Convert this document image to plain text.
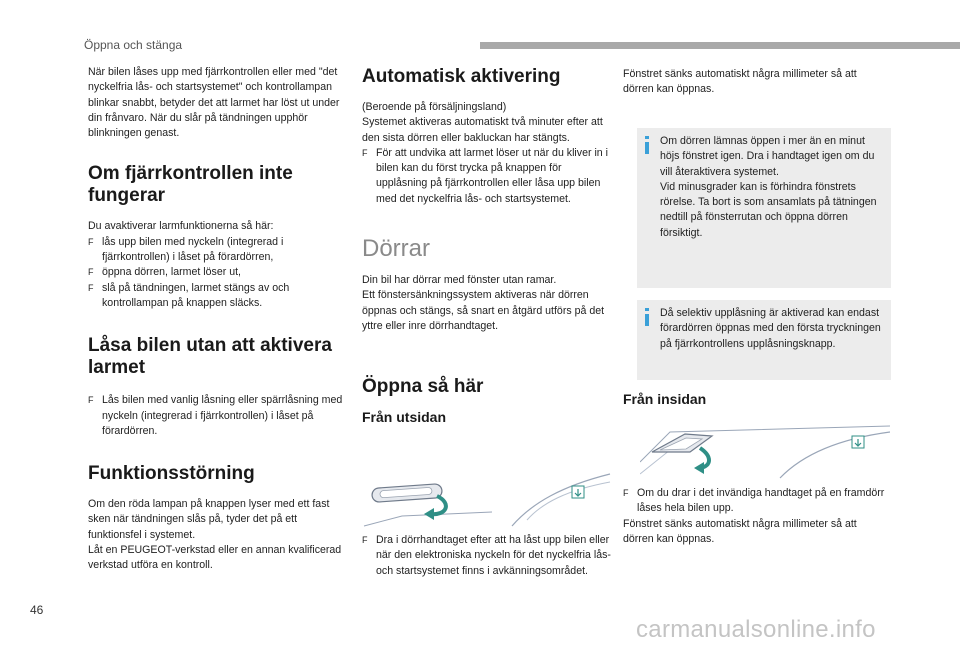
Öppna och stänga
46
carmanualsonline.info

När bilen låses upp med fjärrkontrollen eller med "det nyckelfria lås- och startsystemet" och kontrollampan blinkar snabbt, betyder det att larmet har löst ut under din frånvaro. När du slår på tändningen upphör blinkningen genast.

Om fjärrkontrollen inte fungerar

Du avaktiverar larmfunktionerna så här:

F lås upp bilen med nyckeln (integrerad i fjärrkontrollen) i låset på förardörren,
F öppna dörren, larmet löser ut,
F slå på tändningen, larmet stängs av och kontrollampan på knappen släcks.
Låsa bilen utan att aktivera larmet
F Lås bilen med vanlig låsning eller spärrlåsning med nyckeln (integrerad i fjärrkontrollen) i låset på förardörren.
Funktionsstörning

Om den röda lampan på knappen lyser med ett fast sken när tändningen slås på, tyder det på ett funktionsfel i systemet.

Låt en PEUGEOT-verkstad eller en annan kvalificerad verkstad utföra en kontroll.

Automatisk aktivering

(Beroende på försäljningsland)

Systemet aktiveras automatiskt två minuter efter att den sista dörren eller bakluckan har stängts.

F För att undvika att larmet löser ut när du kliver in i bilen kan du först trycka på knappen för upplåsning på fjärrkontrollen eller låsa upp bilen med det nyckelfria lås- och startsystemet.
Dörrar

Din bil har dörrar med fönster utan ramar.

Ett fönstersänkningssystem aktiveras när dörren öppnas och stängs, så snart en åtgärd utförs på det yttre eller inre dörrhandtaget.

Öppna så här
Från utsidan
F Dra i dörrhandtaget efter att ha låst upp bilen eller när den elektroniska nyckeln för det nyckelfria lås- och startsystemet finns i avkänningsområdet.

Fönstret sänks automatiskt några millimeter så att dörren kan öppnas.

Om dörren lämnas öppen i mer än en minut höjs fönstret igen. Dra i handtaget igen om du vill återaktivera systemet.
Vid minusgrader kan is förhindra fönstrets rörelse. Ta bort is som ansamlats på tätningen nedtill på fönsterrutan och öppna dörren försiktigt.
Då selektiv upplåsning är aktiverad kan endast förardörren öppnas med den första tryckningen på fjärrkontrollens upplåsningsknapp.
Från insidan
F Om du drar i det invändiga handtaget på en framdörr låses hela bilen upp.

Fönstret sänks automatiskt några millimeter så att dörren kan öppnas.
